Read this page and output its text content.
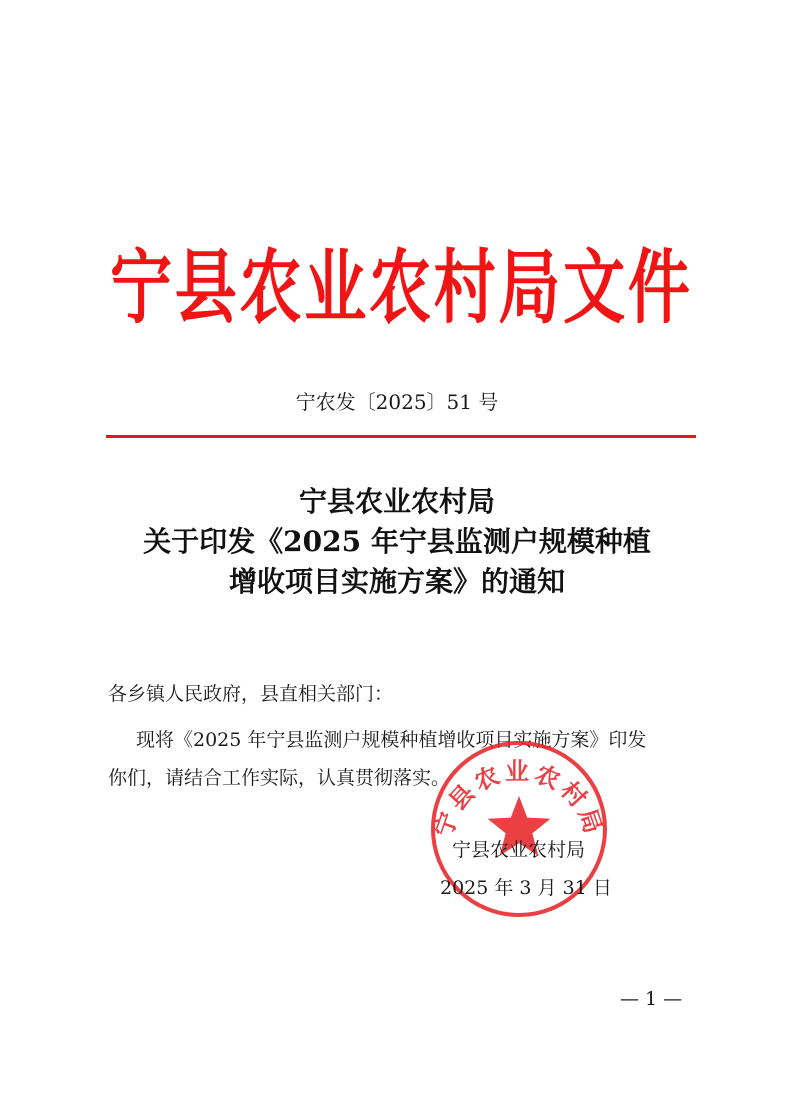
宁 县 农 业 农 村 局 文 件
宁农发〔2025〕51 号
宁县农业农村局
关于印发《2025 年宁县监测户规模种植
增收项目实施方案》的通知
各乡镇人民政府，县直相关部门：
现将《2025 年宁县监测户规模种植增收项目实施方案》印发
你们，请结合工作实际，认真贯彻落实。
宁县农业农村局
宁县农业农村局
2025 年 3 月 31 日
— 1 —
